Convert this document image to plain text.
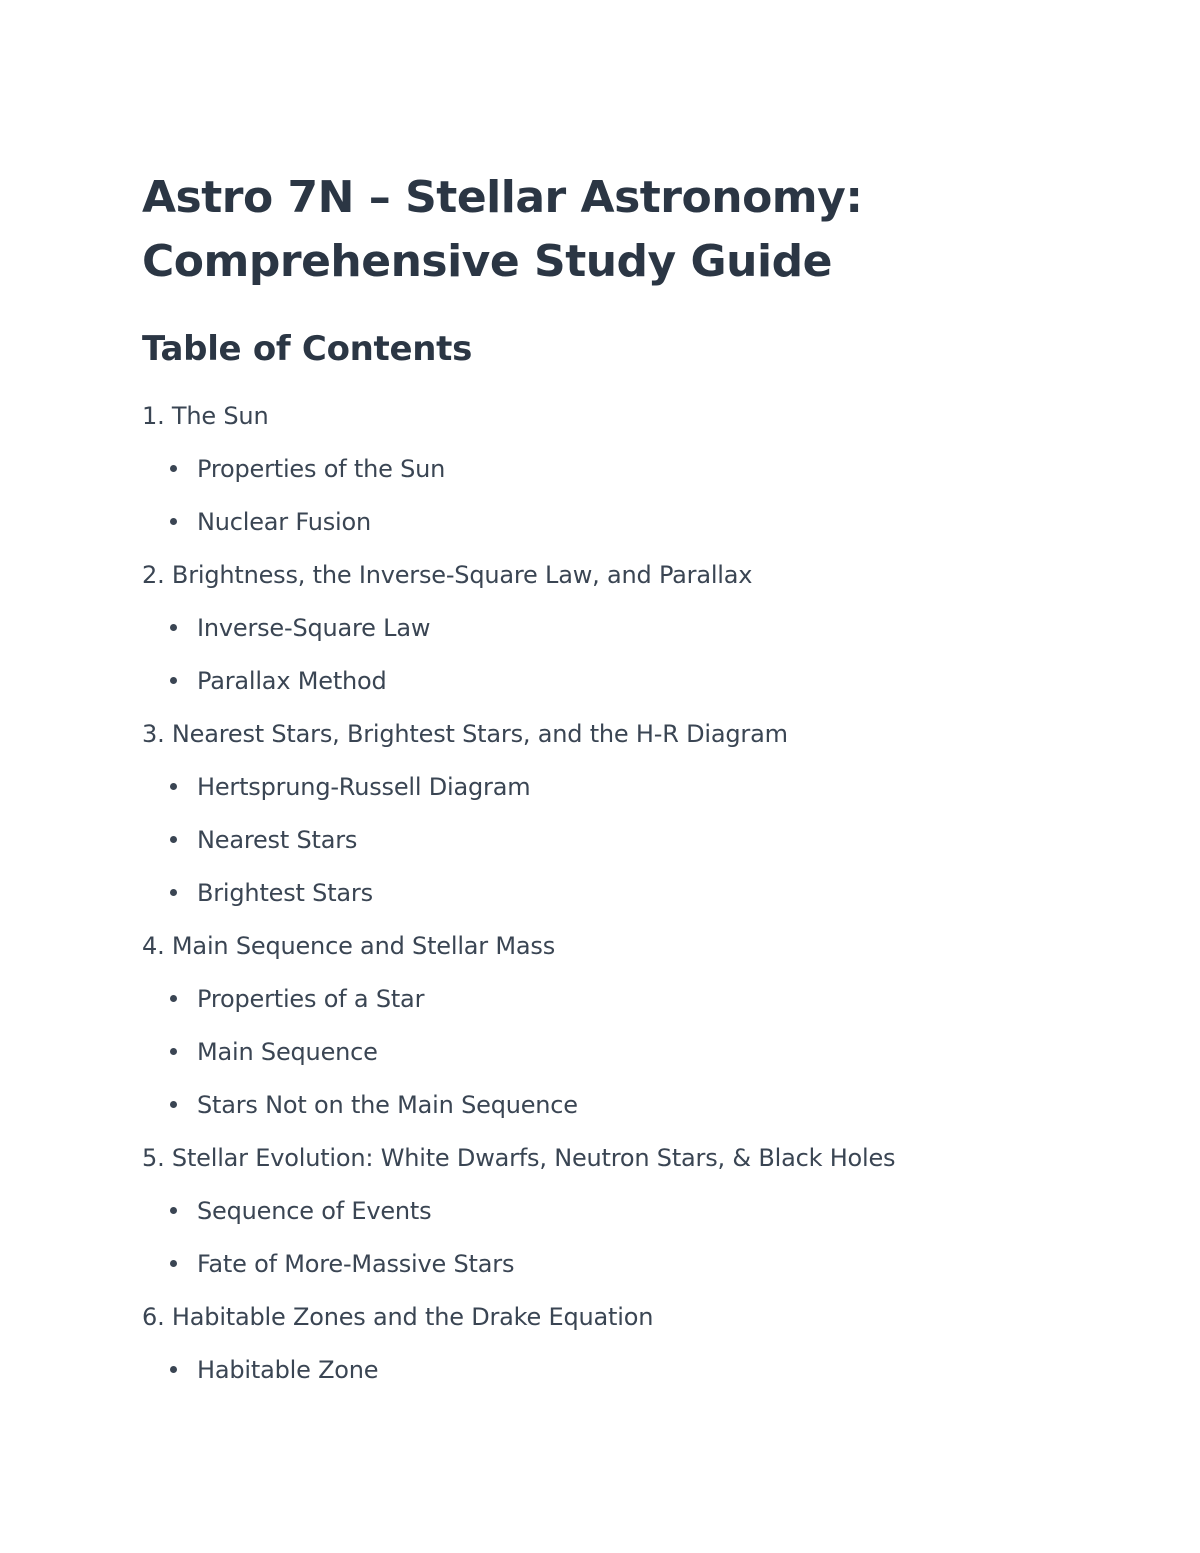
Astro 7N – Stellar Astronomy:
Comprehensive Study Guide
Table of Contents
1. The Sun
Properties of the Sun
Nuclear Fusion
2. Brightness, the Inverse-Square Law, and Parallax
Inverse-Square Law
Parallax Method
3. Nearest Stars, Brightest Stars, and the H-R Diagram
Hertsprung-Russell Diagram
Nearest Stars
Brightest Stars
4. Main Sequence and Stellar Mass
Properties of a Star
Main Sequence
Stars Not on the Main Sequence
5. Stellar Evolution: White Dwarfs, Neutron Stars, & Black Holes
Sequence of Events
Fate of More-Massive Stars
6. Habitable Zones and the Drake Equation
Habitable Zone
